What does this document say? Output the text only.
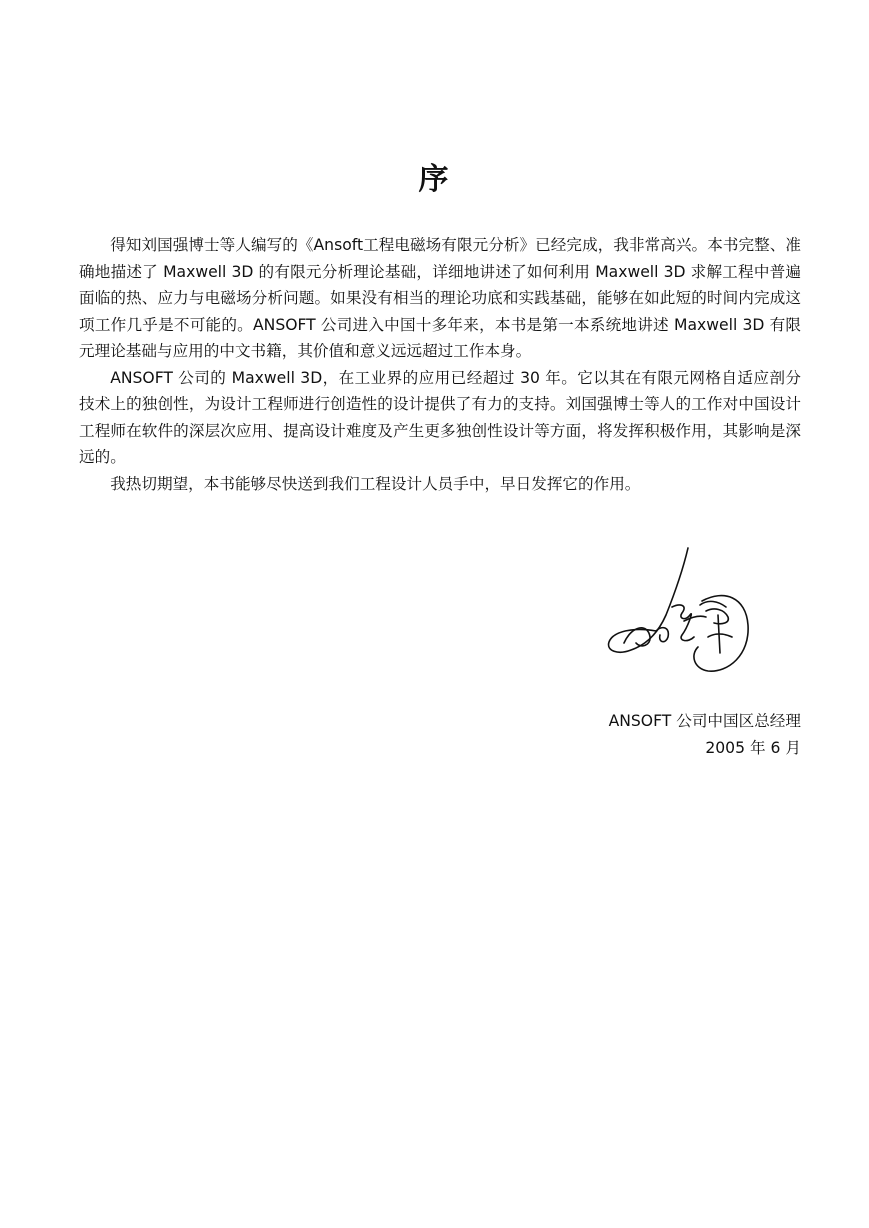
序

得知刘国强博士等人编写的《Ansoft工程电磁场有限元分析》已经完成，我非常高兴。本书完整、准确地描述了 Maxwell 3D 的有限元分析理论基础，详细地讲述了如何利用 Maxwell 3D 求解工程中普遍面临的热、应力与电磁场分析问题。如果没有相当的理论功底和实践基础，能够在如此短的时间内完成这项工作几乎是不可能的。ANSOFT 公司进入中国十多年来，本书是第一本系统地讲述 Maxwell 3D 有限元理论基础与应用的中文书籍，其价值和意义远远超过工作本身。

ANSOFT 公司的 Maxwell 3D，在工业界的应用已经超过 30 年。它以其在有限元网格自适应剖分技术上的独创性，为设计工程师进行创造性的设计提供了有力的支持。刘国强博士等人的工作对中国设计工程师在软件的深层次应用、提高设计难度及产生更多独创性设计等方面，将发挥积极作用，其影响是深远的。

我热切期望，本书能够尽快送到我们工程设计人员手中，早日发挥它的作用。

ANSOFT 公司中国区总经理
2005 年 6 月
